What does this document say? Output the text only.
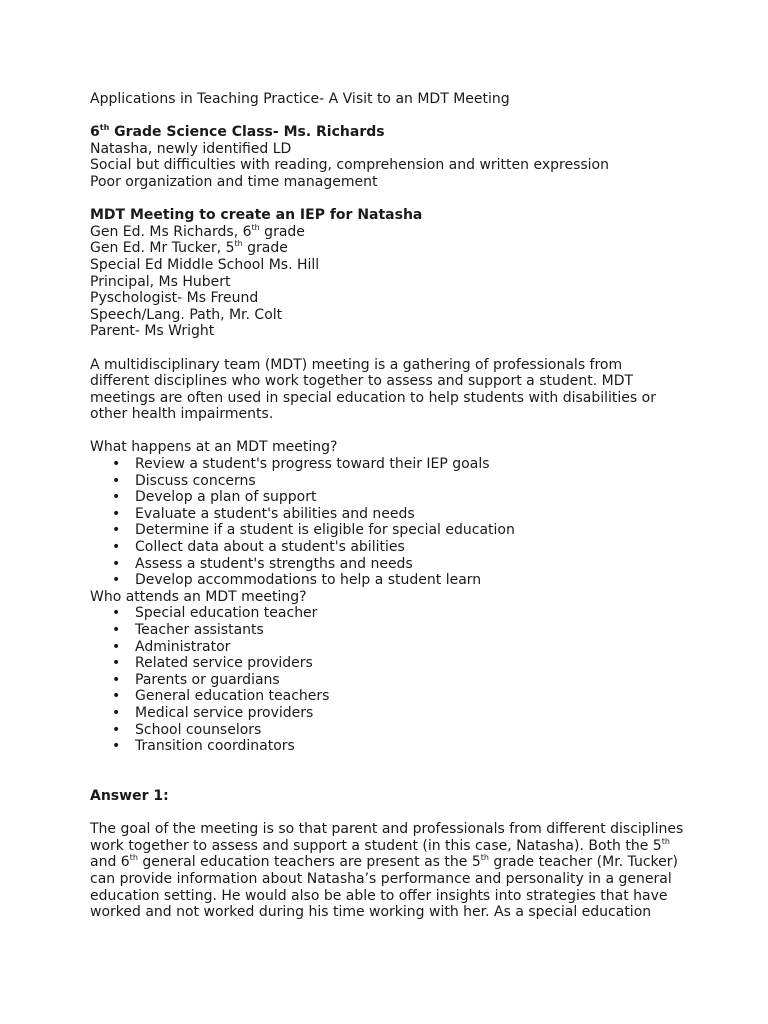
Applications in Teaching Practice- A Visit to an MDT Meeting
6th Grade Science Class- Ms. Richards
Natasha, newly identified LD
Social but difficulties with reading, comprehension and written expression
Poor organization and time management
MDT Meeting to create an IEP for Natasha
Gen Ed. Ms Richards, 6th grade
Gen Ed. Mr Tucker, 5th grade
Special Ed Middle School Ms. Hill
Principal, Ms Hubert
Pyschologist- Ms Freund
Speech/Lang. Path, Mr. Colt
Parent- Ms Wright
A multidisciplinary team (MDT) meeting is a gathering of professionals from
different disciplines who work together to assess and support a student. MDT
meetings are often used in special education to help students with disabilities or
other health impairments.
What happens at an MDT meeting?
• Review a student's progress toward their IEP goals
• Discuss concerns
• Develop a plan of support
• Evaluate a student's abilities and needs
• Determine if a student is eligible for special education
• Collect data about a student's abilities
• Assess a student's strengths and needs
• Develop accommodations to help a student learn
Who attends an MDT meeting?
• Special education teacher
• Teacher assistants
• Administrator
• Related service providers
• Parents or guardians
• General education teachers
• Medical service providers
• School counselors
• Transition coordinators
Answer 1:
The goal of the meeting is so that parent and professionals from different disciplines
work together to assess and support a student (in this case, Natasha). Both the 5th
and 6th general education teachers are present as the 5th grade teacher (Mr. Tucker)
can provide information about Natasha’s performance and personality in a general
education setting. He would also be able to offer insights into strategies that have
worked and not worked during his time working with her. As a special education
